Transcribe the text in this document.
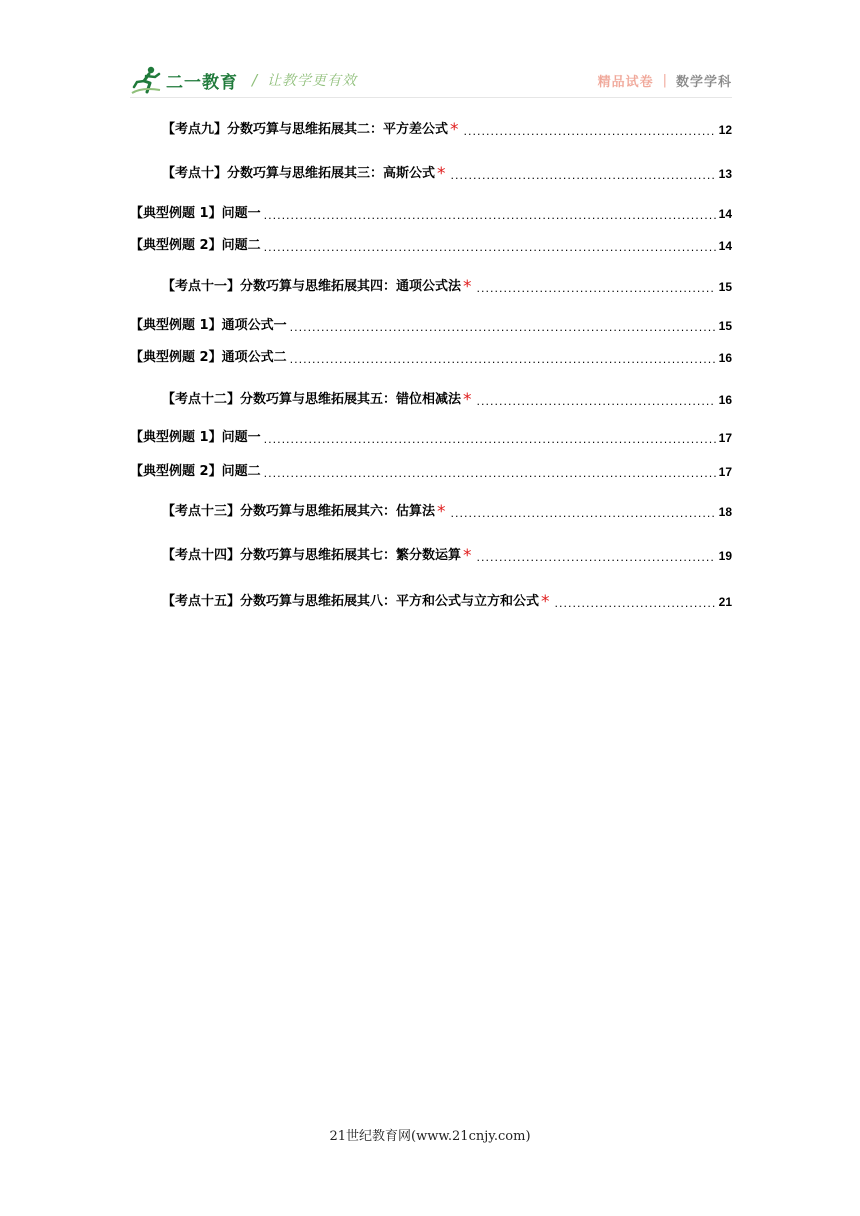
二一教育 / 让教学更有效	精品试卷 | 数学学科
【考点九】分数巧算与思维拓展其二：平方差公式 * .....	12
【考点十】分数巧算与思维拓展其三：高斯公式 * .....	13
【典型例题 1】问题一 .....	14
【典型例题 2】问题二 .....	14
【考点十一】分数巧算与思维拓展其四：通项公式法 * .....	15
【典型例题 1】通项公式一 .....	15
【典型例题 2】通项公式二 .....	16
【考点十二】分数巧算与思维拓展其五：错位相减法 * .....	16
【典型例题 1】问题一 .....	17
【典型例题 2】问题二 .....	17
【考点十三】分数巧算与思维拓展其六：估算法 * .....	18
【考点十四】分数巧算与思维拓展其七：繁分数运算 * .....	19
【考点十五】分数巧算与思维拓展其八：平方和公式与立方和公式 * .....	21
21世纪教育网(www.21cnjy.com)
